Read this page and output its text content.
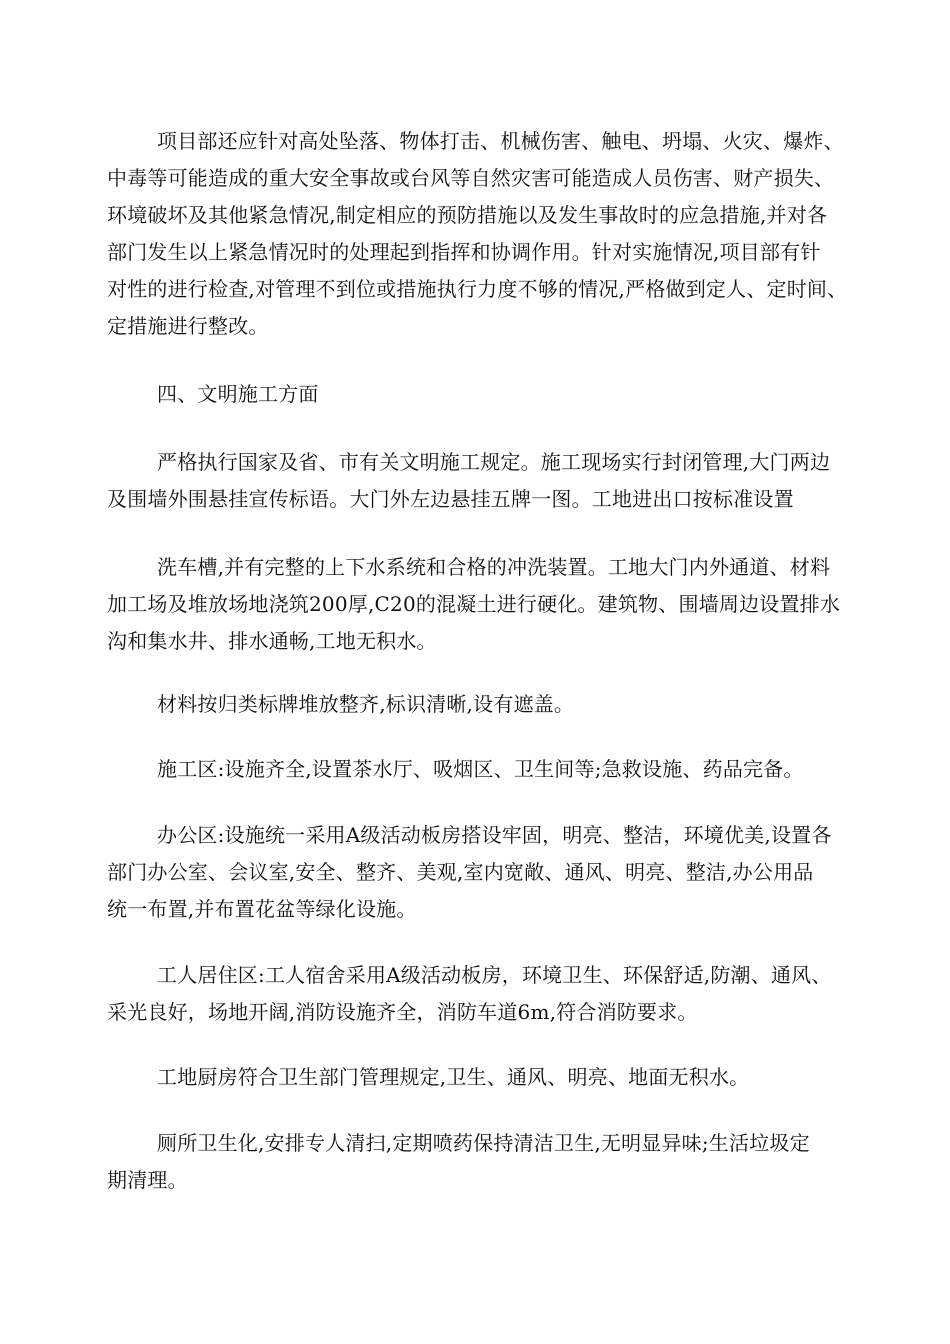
项目部还应针对高处坠落、物体打击、机械伤害、触电、坍塌、火灾、爆炸、
中毒等可能造成的重大安全事故或台风等自然灾害可能造成人员伤害、财产损失、
环境破坏及其他紧急情况,制定相应的预防措施以及发生事故时的应急措施,并对各
部门发生以上紧急情况时的处理起到指挥和协调作用。针对实施情况,项目部有针
对性的进行检查,对管理不到位或措施执行力度不够的情况,严格做到定人、定时间、
定措施进行整改。
四、文明施工方面
严格执行国家及省、市有关文明施工规定。施工现场实行封闭管理,大门两边
及围墙外围悬挂宣传标语。大门外左边悬挂五牌一图。工地进出口按标准设置
洗车槽,并有完整的上下水系统和合格的冲洗装置。工地大门内外通道、材料
加工场及堆放场地浇筑200厚,C20的混凝土进行硬化。建筑物、围墙周边设置排水
沟和集水井、排水通畅,工地无积水。
材料按归类标牌堆放整齐,标识清晰,设有遮盖。
施工区:设施齐全,设置茶水厅、吸烟区、卫生间等;急救设施、药品完备。
办公区:设施统一采用A级活动板房搭设牢固，明亮、整洁，环境优美,设置各
部门办公室、会议室,安全、整齐、美观,室内宽敞、通风、明亮、整洁,办公用品
统一布置,并布置花盆等绿化设施。
工人居住区:工人宿舍采用A级活动板房，环境卫生、环保舒适,防潮、通风、
采光良好，场地开阔,消防设施齐全，消防车道6m,符合消防要求。
工地厨房符合卫生部门管理规定,卫生、通风、明亮、地面无积水。
厕所卫生化,安排专人清扫,定期喷药保持清洁卫生,无明显异味;生活垃圾定
期清理。
